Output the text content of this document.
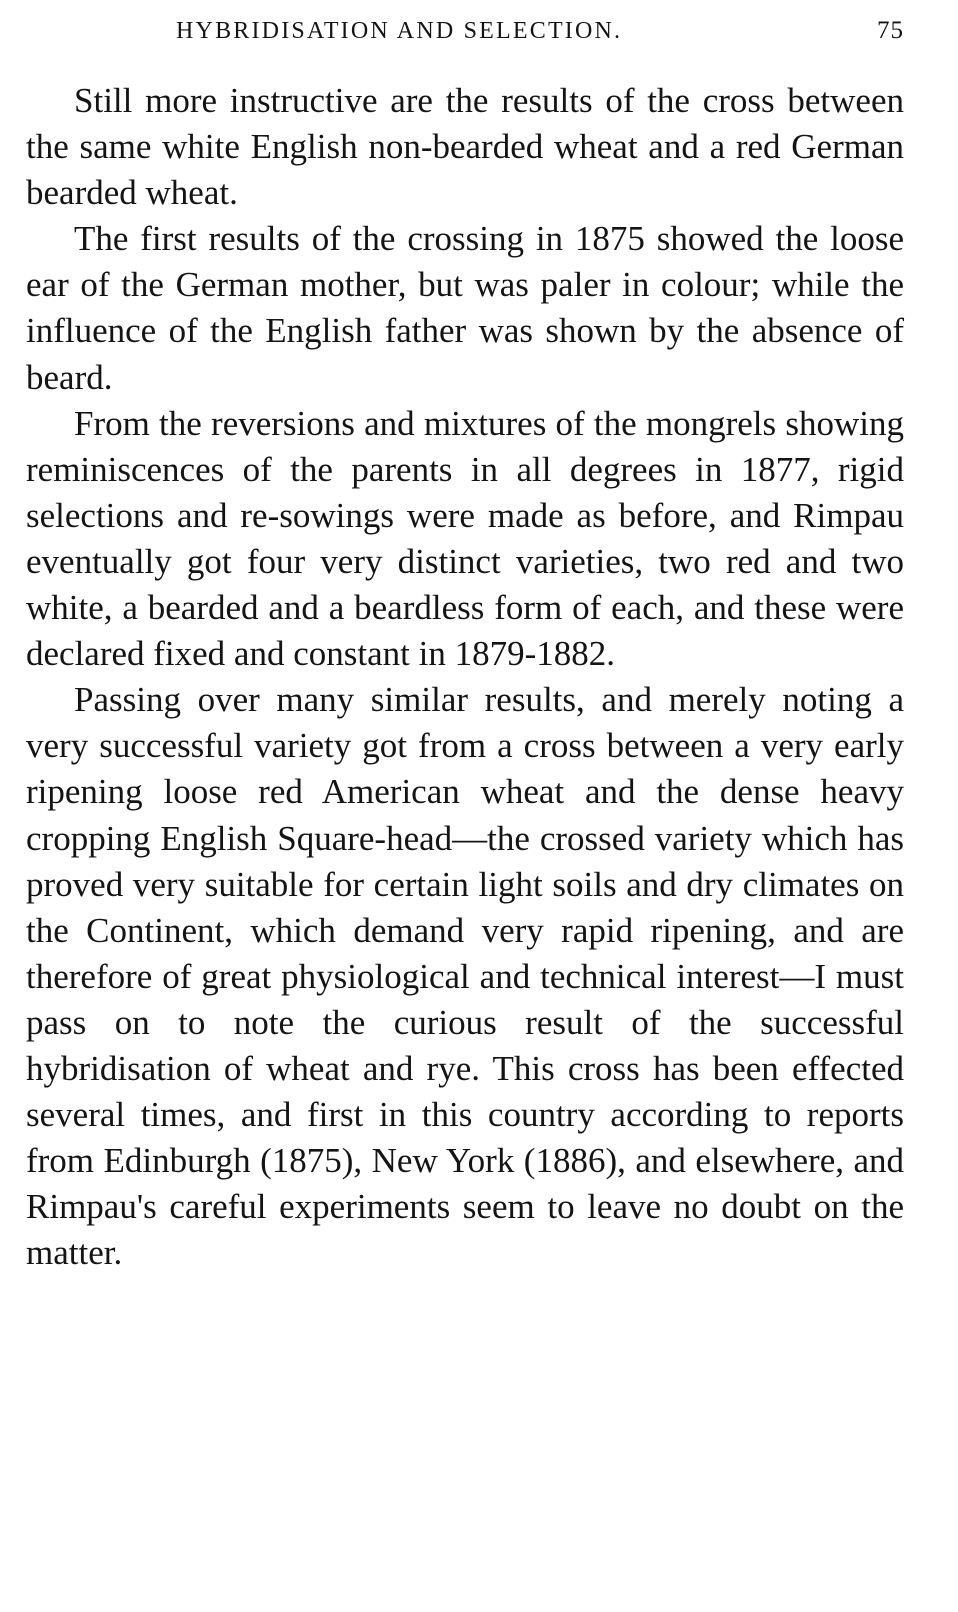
HYBRIDISATION AND SELECTION.	75

Still more instructive are the results of the cross between the same white English non-bearded wheat and a red German bearded wheat.

The first results of the crossing in 1875 showed the loose ear of the German mother, but was paler in colour; while the influence of the English father was shown by the absence of beard.

From the reversions and mixtures of the mongrels showing reminiscences of the parents in all degrees in 1877, rigid selections and re-sowings were made as before, and Rimpau eventually got four very distinct varieties, two red and two white, a bearded and a beardless form of each, and these were declared fixed and constant in 1879-1882.

Passing over many similar results, and merely noting a very successful variety got from a cross between a very early ripening loose red American wheat and the dense heavy cropping English Square-head—the crossed variety which has proved very suitable for certain light soils and dry climates on the Continent, which demand very rapid ripening, and are therefore of great physiological and technical interest—I must pass on to note the curious result of the successful hybridisation of wheat and rye. This cross has been effected several times, and first in this country according to reports from Edinburgh (1875), New York (1886), and elsewhere, and Rimpau's careful experiments seem to leave no doubt on the matter.
